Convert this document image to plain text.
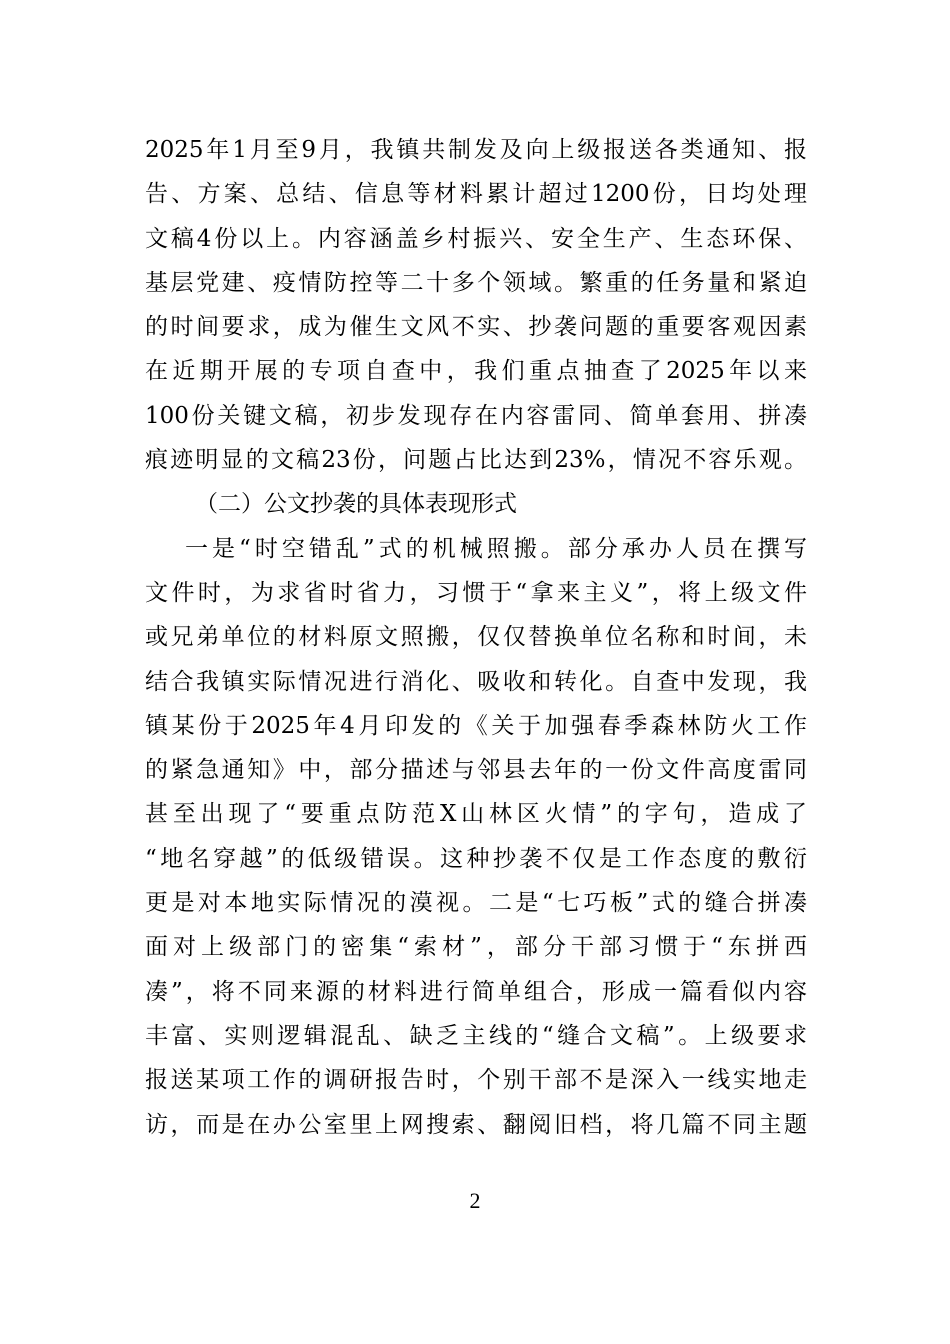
2025年1月至9月，我镇共制发及向上级报送各类通知、报
告、方案、总结、信息等材料累计超过1200份，日均处理
文稿4份以上。内容涵盖乡村振兴、安全生产、生态环保、
基层党建、疫情防控等二十多个领域。繁重的任务量和紧迫
的时间要求，成为催生文风不实、抄袭问题的重要客观因素
在近期开展的专项自查中，我们重点抽查了2025年以来
100份关键文稿，初步发现存在内容雷同、简单套用、拼凑
痕迹明显的文稿23份，问题占比达到23%，情况不容乐观。
（二）公文抄袭的具体表现形式
一是“时空错乱”式的机械照搬。部分承办人员在撰写
文件时，为求省时省力，习惯于“拿来主义”，将上级文件
或兄弟单位的材料原文照搬，仅仅替换单位名称和时间，未
结合我镇实际情况进行消化、吸收和转化。自查中发现，我
镇某份于2025年4月印发的《关于加强春季森林防火工作
的紧急通知》中，部分描述与邻县去年的一份文件高度雷同
甚至出现了“要重点防范X山林区火情”的字句，造成了
“地名穿越”的低级错误。这种抄袭不仅是工作态度的敷衍
更是对本地实际情况的漠视。二是“七巧板”式的缝合拼凑
面对上级部门的密集“索材”，部分干部习惯于“东拼西
凑”，将不同来源的材料进行简单组合，形成一篇看似内容
丰富、实则逻辑混乱、缺乏主线的“缝合文稿”。上级要求
报送某项工作的调研报告时，个别干部不是深入一线实地走
访，而是在办公室里上网搜索、翻阅旧档，将几篇不同主题
2
